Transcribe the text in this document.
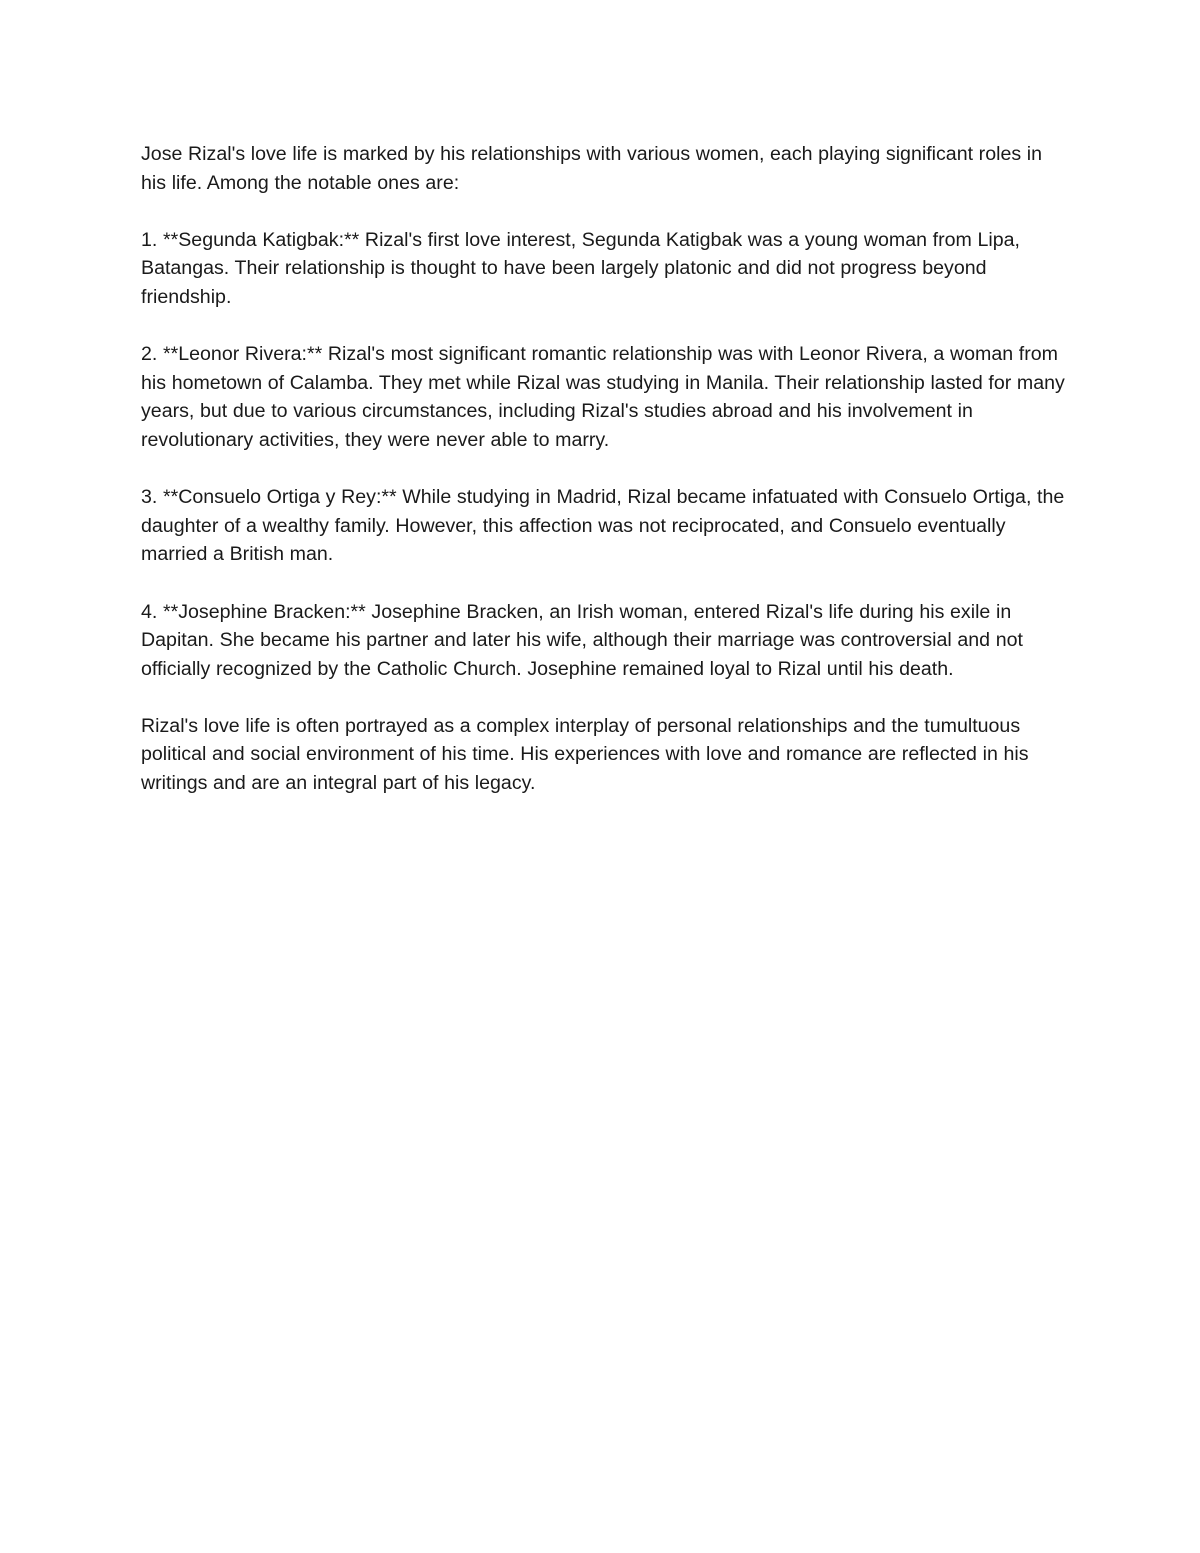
Jose Rizal's love life is marked by his relationships with various women, each playing significant roles in his life. Among the notable ones are:

1. **Segunda Katigbak:** Rizal's first love interest, Segunda Katigbak was a young woman from Lipa, Batangas. Their relationship is thought to have been largely platonic and did not progress beyond friendship.

2. **Leonor Rivera:** Rizal's most significant romantic relationship was with Leonor Rivera, a woman from his hometown of Calamba. They met while Rizal was studying in Manila. Their relationship lasted for many years, but due to various circumstances, including Rizal's studies abroad and his involvement in revolutionary activities, they were never able to marry.

3. **Consuelo Ortiga y Rey:** While studying in Madrid, Rizal became infatuated with Consuelo Ortiga, the daughter of a wealthy family. However, this affection was not reciprocated, and Consuelo eventually married a British man.

4. **Josephine Bracken:** Josephine Bracken, an Irish woman, entered Rizal's life during his exile in Dapitan. She became his partner and later his wife, although their marriage was controversial and not officially recognized by the Catholic Church. Josephine remained loyal to Rizal until his death.

Rizal's love life is often portrayed as a complex interplay of personal relationships and the tumultuous political and social environment of his time. His experiences with love and romance are reflected in his writings and are an integral part of his legacy.
